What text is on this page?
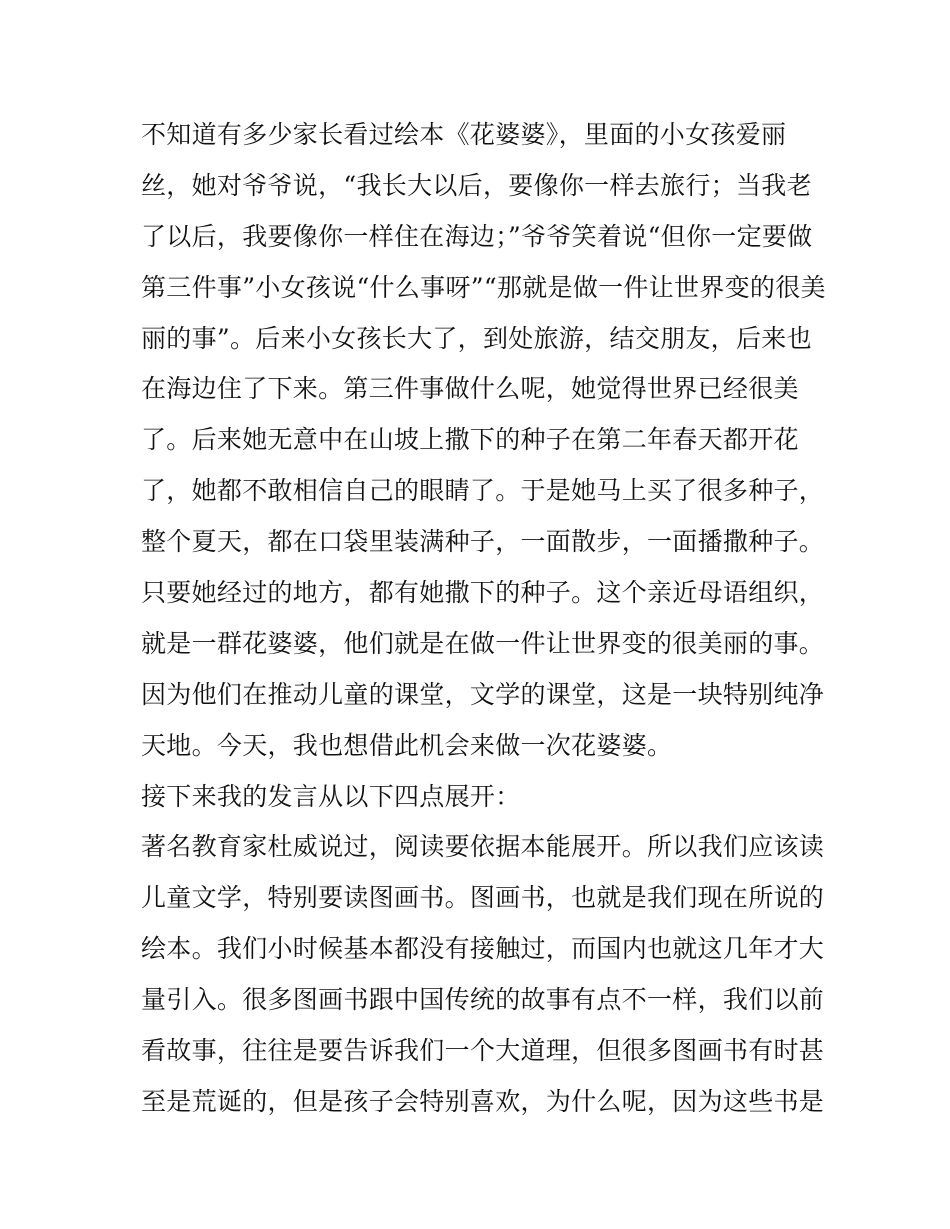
不知道有多少家长看过绘本《花婆婆》，里面的小女孩爱丽
丝，她对爷爷说，“我长大以后，要像你一样去旅行；当我老
了以后，我要像你一样住在海边；”爷爷笑着说“但你一定要做
第三件事”小女孩说“什么事呀”“那就是做一件让世界变的很美
丽的事”。后来小女孩长大了，到处旅游，结交朋友，后来也
在海边住了下来。第三件事做什么呢，她觉得世界已经很美
了。后来她无意中在山坡上撒下的种子在第二年春天都开花
了，她都不敢相信自己的眼睛了。于是她马上买了很多种子，
整个夏天，都在口袋里装满种子，一面散步，一面播撒种子。
只要她经过的地方，都有她撒下的种子。这个亲近母语组织，
就是一群花婆婆，他们就是在做一件让世界变的很美丽的事。
因为他们在推动儿童的课堂，文学的课堂，这是一块特别纯净
天地。今天，我也想借此机会来做一次花婆婆。
接下来我的发言从以下四点展开：
著名教育家杜威说过，阅读要依据本能展开。所以我们应该读
儿童文学，特别要读图画书。图画书，也就是我们现在所说的
绘本。我们小时候基本都没有接触过，而国内也就这几年才大
量引入。很多图画书跟中国传统的故事有点不一样，我们以前
看故事，往往是要告诉我们一个大道理，但很多图画书有时甚
至是荒诞的，但是孩子会特别喜欢，为什么呢，因为这些书是
